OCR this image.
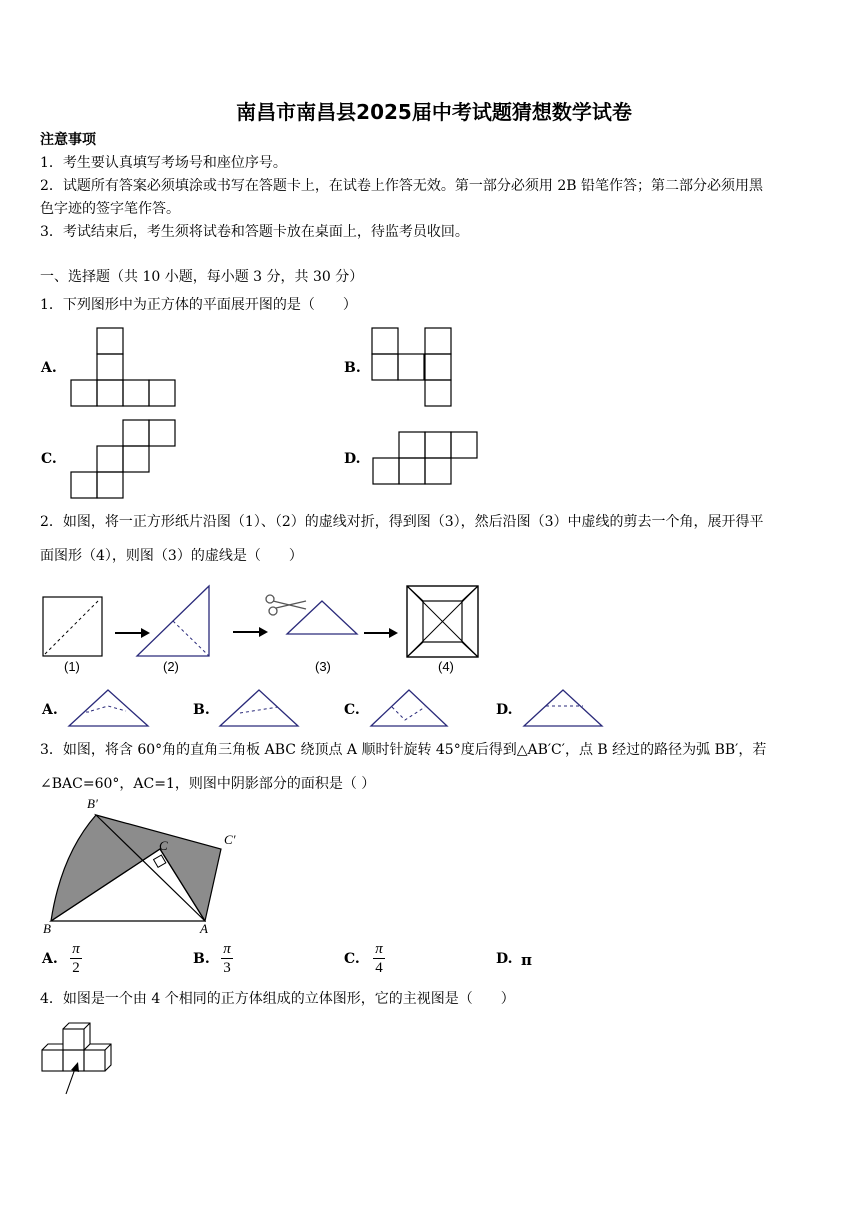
南昌市南昌县2025届中考试题猜想数学试卷
注意事项
1．考生要认真填写考场号和座位序号。
2．试题所有答案必须填涂或书写在答题卡上，在试卷上作答无效。第一部分必须用 2B 铅笔作答；第二部分必须用黑
色字迹的签字笔作答。
3．考试结束后，考生须将试卷和答题卡放在桌面上，待监考员收回。
一、选择题（共 10 小题，每小题 3 分，共 30 分）
1．下列图形中为正方体的平面展开图的是（　　）
A.	B.
C.	D.
2．如图，将一正方形纸片沿图（1）、（2）的虚线对折，得到图（3），然后沿图（3）中虚线的剪去一个角，展开得平
面图形（4），则图（3）的虚线是（　　）
(1)	(2)	(3)	(4)
A.	B.	C.	D.
3．如图，将含 60°角的直角三角板 ABC 绕顶点 A 顺时针旋转 45°度后得到△AB′C′，点 B 经过的路径为弧 BB′，若
∠BAC=60°，AC=1，则图中阴影部分的面积是（ ）
B′
C′
C
B	A
A.
π
2
B.
π
3
C.
π
4
D. π
4．如图是一个由 4 个相同的正方体组成的立体图形，它的主视图是（　　）
